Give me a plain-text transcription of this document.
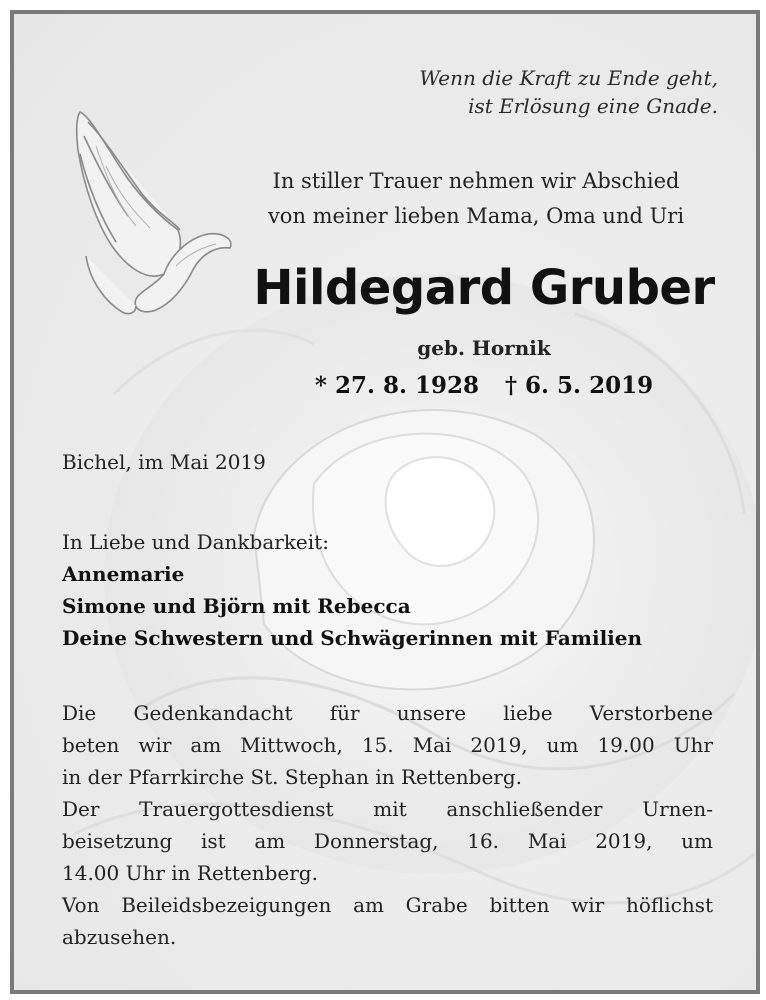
Wenn die Kraft zu Ende geht,
ist Erlösung eine Gnade.
In stiller Trauer nehmen wir Abschied
von meiner lieben Mama, Oma und Uri
Hildegard Gruber
geb. Hornik
* 27. 8. 1928 † 6. 5. 2019
Bichel, im Mai 2019
In Liebe und Dankbarkeit:
Annemarie
Simone und Björn mit Rebecca
Deine Schwestern und Schwägerinnen mit Familien
Die Gedenkandacht für unsere liebe Verstorbene
beten wir am Mittwoch, 15. Mai 2019, um 19.00 Uhr
in der Pfarrkirche St. Stephan in Rettenberg.
Der Trauergottesdienst mit anschließender Urnen-
beisetzung ist am Donnerstag, 16. Mai 2019, um
14.00 Uhr in Rettenberg.
Von Beileidsbezeigungen am Grabe bitten wir höflichst
abzusehen.
